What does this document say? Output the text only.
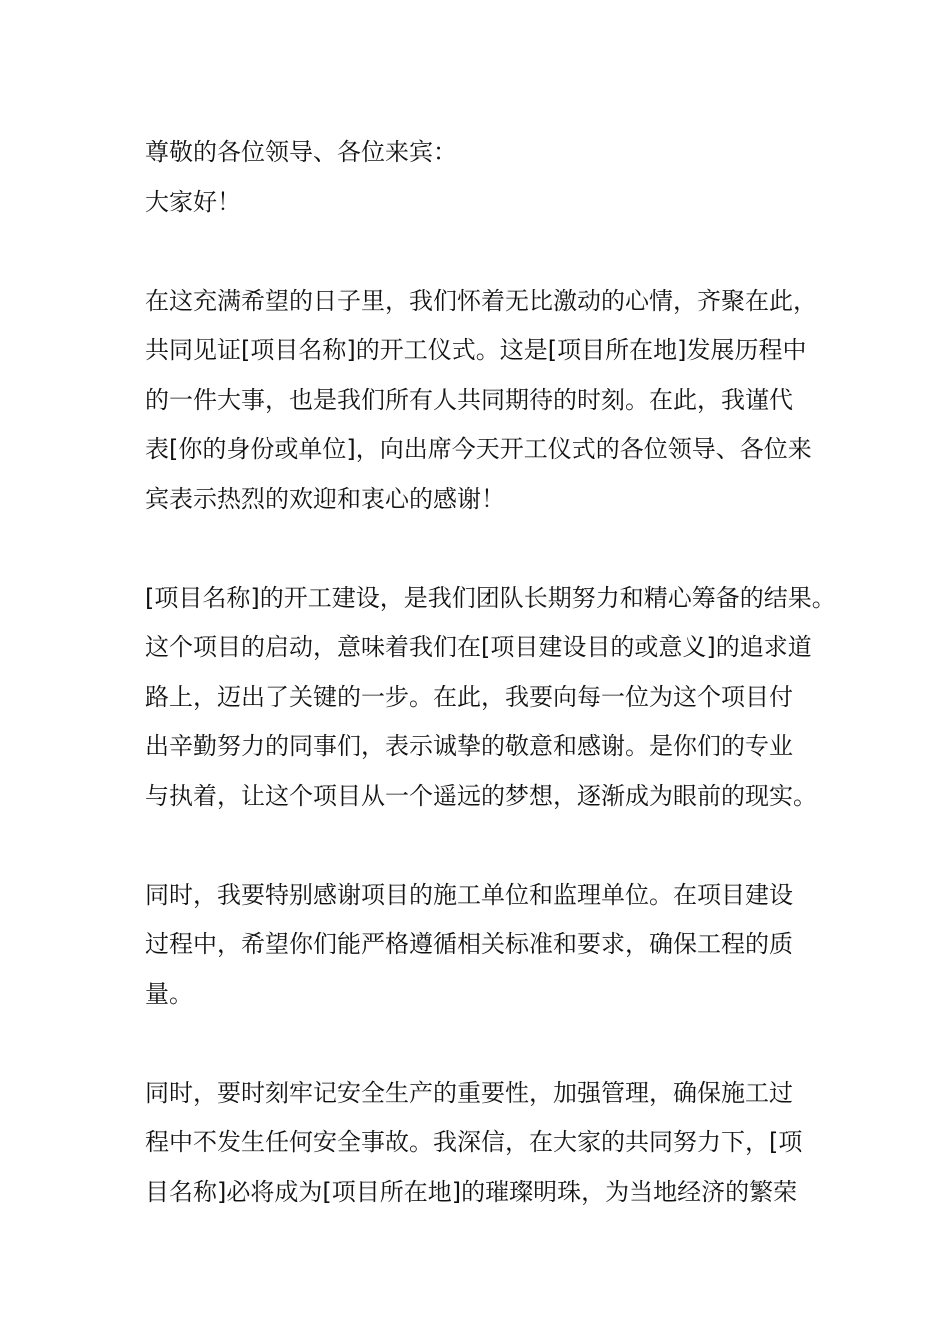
尊敬的各位领导、各位来宾：
大家好！
在这充满希望的日子里，我们怀着无比激动的心情，齐聚在此，
共同见证[项目名称]的开工仪式。这是[项目所在地]发展历程中
的一件大事，也是我们所有人共同期待的时刻。在此，我谨代
表[你的身份或单位]，向出席今天开工仪式的各位领导、各位来
宾表示热烈的欢迎和衷心的感谢！
[项目名称]的开工建设，是我们团队长期努力和精心筹备的结果。
这个项目的启动，意味着我们在[项目建设目的或意义]的追求道
路上，迈出了关键的一步。在此，我要向每一位为这个项目付
出辛勤努力的同事们，表示诚挚的敬意和感谢。是你们的专业
与执着，让这个项目从一个遥远的梦想，逐渐成为眼前的现实。
同时，我要特别感谢项目的施工单位和监理单位。在项目建设
过程中，希望你们能严格遵循相关标准和要求，确保工程的质
量。
同时，要时刻牢记安全生产的重要性，加强管理，确保施工过
程中不发生任何安全事故。我深信，在大家的共同努力下，[项
目名称]必将成为[项目所在地]的璀璨明珠，为当地经济的繁荣
